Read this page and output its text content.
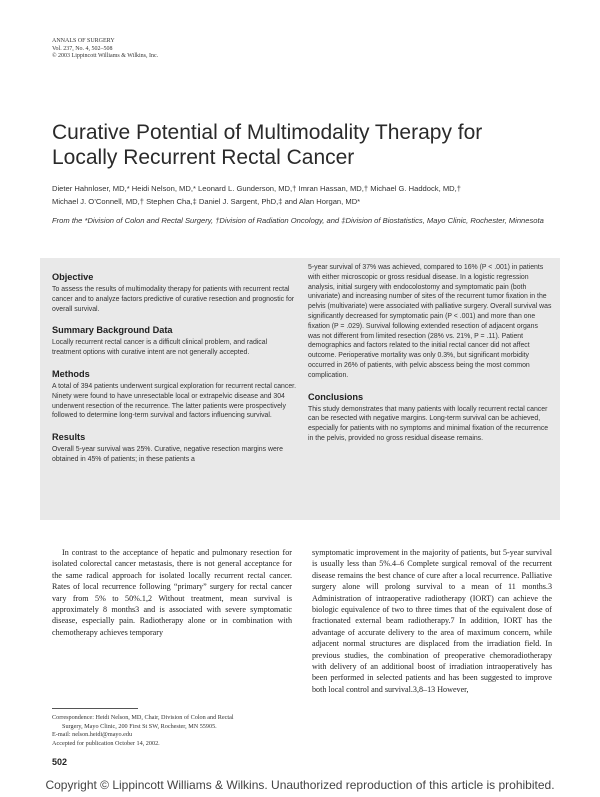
ANNALS OF SURGERY
Vol. 237, No. 4, 502–508
© 2003 Lippincott Williams & Wilkins, Inc.
Curative Potential of Multimodality Therapy for Locally Recurrent Rectal Cancer
Dieter Hahnloser, MD,* Heidi Nelson, MD,* Leonard L. Gunderson, MD,† Imran Hassan, MD,† Michael G. Haddock, MD,†
Michael J. O’Connell, MD,† Stephen Cha,‡ Daniel J. Sargent, PhD,‡ and Alan Horgan, MD*
From the *Division of Colon and Rectal Surgery, †Division of Radiation Oncology, and ‡Division of Biostatistics, Mayo Clinic, Rochester, Minnesota
Objective

To assess the results of multimodality therapy for patients with recurrent rectal cancer and to analyze factors predictive of curative resection and prognostic for overall survival.

Summary Background Data

Locally recurrent rectal cancer is a difficult clinical problem, and radical treatment options with curative intent are not generally accepted.

Methods

A total of 394 patients underwent surgical exploration for recurrent rectal cancer. Ninety were found to have unresectable local or extrapelvic disease and 304 underwent resection of the recurrence. The latter patients were prospectively followed to determine long-term survival and factors influencing survival.

Results

Overall 5-year survival was 25%. Curative, negative resection margins were obtained in 45% of patients; in these patients a

5-year survival of 37% was achieved, compared to 16% (P < .001) in patients with either microscopic or gross residual disease. In a logistic regression analysis, initial surgery with endocolostomy and symptomatic pain (both univariate) and increasing number of sites of the recurrent tumor fixation in the pelvis (multivariate) were associated with palliative surgery. Overall survival was significantly decreased for symptomatic pain (P < .001) and more than one fixation (P = .029). Survival following extended resection of adjacent organs was not different from limited resection (28% vs. 21%, P = .11). Patient demographics and factors related to the initial rectal cancer did not affect outcome. Perioperative mortality was only 0.3%, but significant morbidity occurred in 26% of patients, with pelvic abscess being the most common complication.

Conclusions

This study demonstrates that many patients with locally recurrent rectal cancer can be resected with negative margins. Long-term survival can be achieved, especially for patients with no symptoms and minimal fixation of the recurrence in the pelvis, provided no gross residual disease remains.

In contrast to the acceptance of hepatic and pulmonary resection for isolated colorectal cancer metastasis, there is not general acceptance for the same radical approach for isolated locally recurrent rectal cancer. Rates of local recurrence following “primary” surgery for rectal cancer vary from 5% to 50%.1,2 Without treatment, mean survival is approximately 8 months3 and is associated with severe symptomatic disease, especially pain. Radiotherapy alone or in combination with chemotherapy achieves temporary
symptomatic improvement in the majority of patients, but 5-year survival is usually less than 5%.4–6 Complete surgical removal of the recurrent disease remains the best chance of cure after a local recurrence. Palliative surgery alone will prolong survival to a mean of 11 months.3 Administration of intraoperative radiotherapy (IORT) can achieve the biologic equivalence of two to three times that of the equivalent dose of fractionated external beam radiotherapy.7 In addition, IORT has the advantage of accurate delivery to the area of maximum concern, while adjacent normal structures are displaced from the irradiation field. In previous studies, the combination of preoperative chemoradiotherapy with delivery of an additional boost of irradiation intraoperatively has been performed in selected patients and has been suggested to improve both local control and survival.3,8–13 However,
Correspondence: Heidi Nelson, MD, Chair, Division of Colon and Rectal
Surgery, Mayo Clinic, 200 First St SW, Rochester, MN 55905.
E-mail: nelson.heidi@mayo.edu
Accepted for publication October 14, 2002.
502
Copyright © Lippincott Williams & Wilkins. Unauthorized reproduction of this article is prohibited.
